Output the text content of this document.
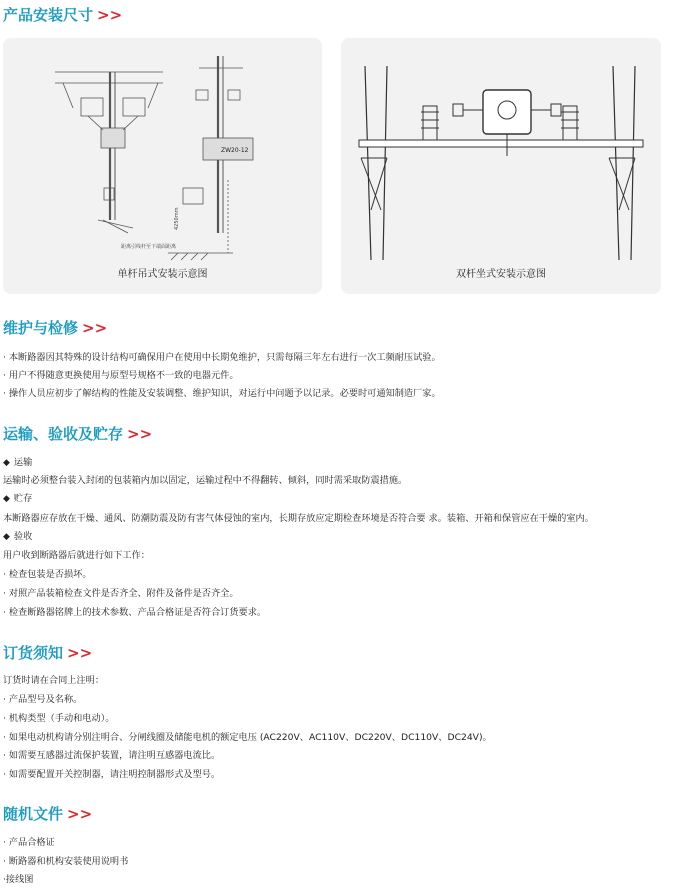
产品安装尺寸 >>
ZW20-12
4250mm
距离引线杆至下端面距离
单杆吊式安装示意图	双杆坐式安装示意图
维护与检修 >>
· 本断路器因其特殊的设计结构可确保用户在使用中长期免维护，只需每隔三年左右进行一次工频耐压试验。
· 用户不得随意更换使用与原型号规格不一致的电器元件。
· 操作人员应初步了解结构的性能及安装调整、维护知识，对运行中问题予以记录。必要时可通知制造厂家。
运输、验收及贮存 >>
◆ 运输
运输时必须整台装入封闭的包装箱内加以固定，运输过程中不得翻转、倾斜，同时需采取防震措施。
◆ 贮存
本断路器应存放在干燥、通风、防潮防震及防有害气体侵蚀的室内，长期存放应定期检查环境是否符合要 求。装箱、开箱和保管应在干燥的室内。
◆ 验收
用户收到断路器后就进行如下工作：
· 检查包装是否损坏。
· 对照产品装箱检查文件是否齐全、附件及备件是否齐全。
· 检查断路器铭牌上的技术参数、产品合格证是否符合订货要求。
订货须知 >>
订货时请在合同上注明：
· 产品型号及名称。
· 机构类型（手动和电动）。
· 如果电动机构请分别注明合、分闸线圈及储能电机的额定电压 (AC220V、AC110V、DC220V、DC110V、DC24V)。
· 如需要互感器过流保护装置，请注明互感器电流比。
· 如需要配置开关控制器，请注明控制器形式及型号。
随机文件 >>
· 产品合格证
· 断路器和机构安装使用说明书
·接线图
